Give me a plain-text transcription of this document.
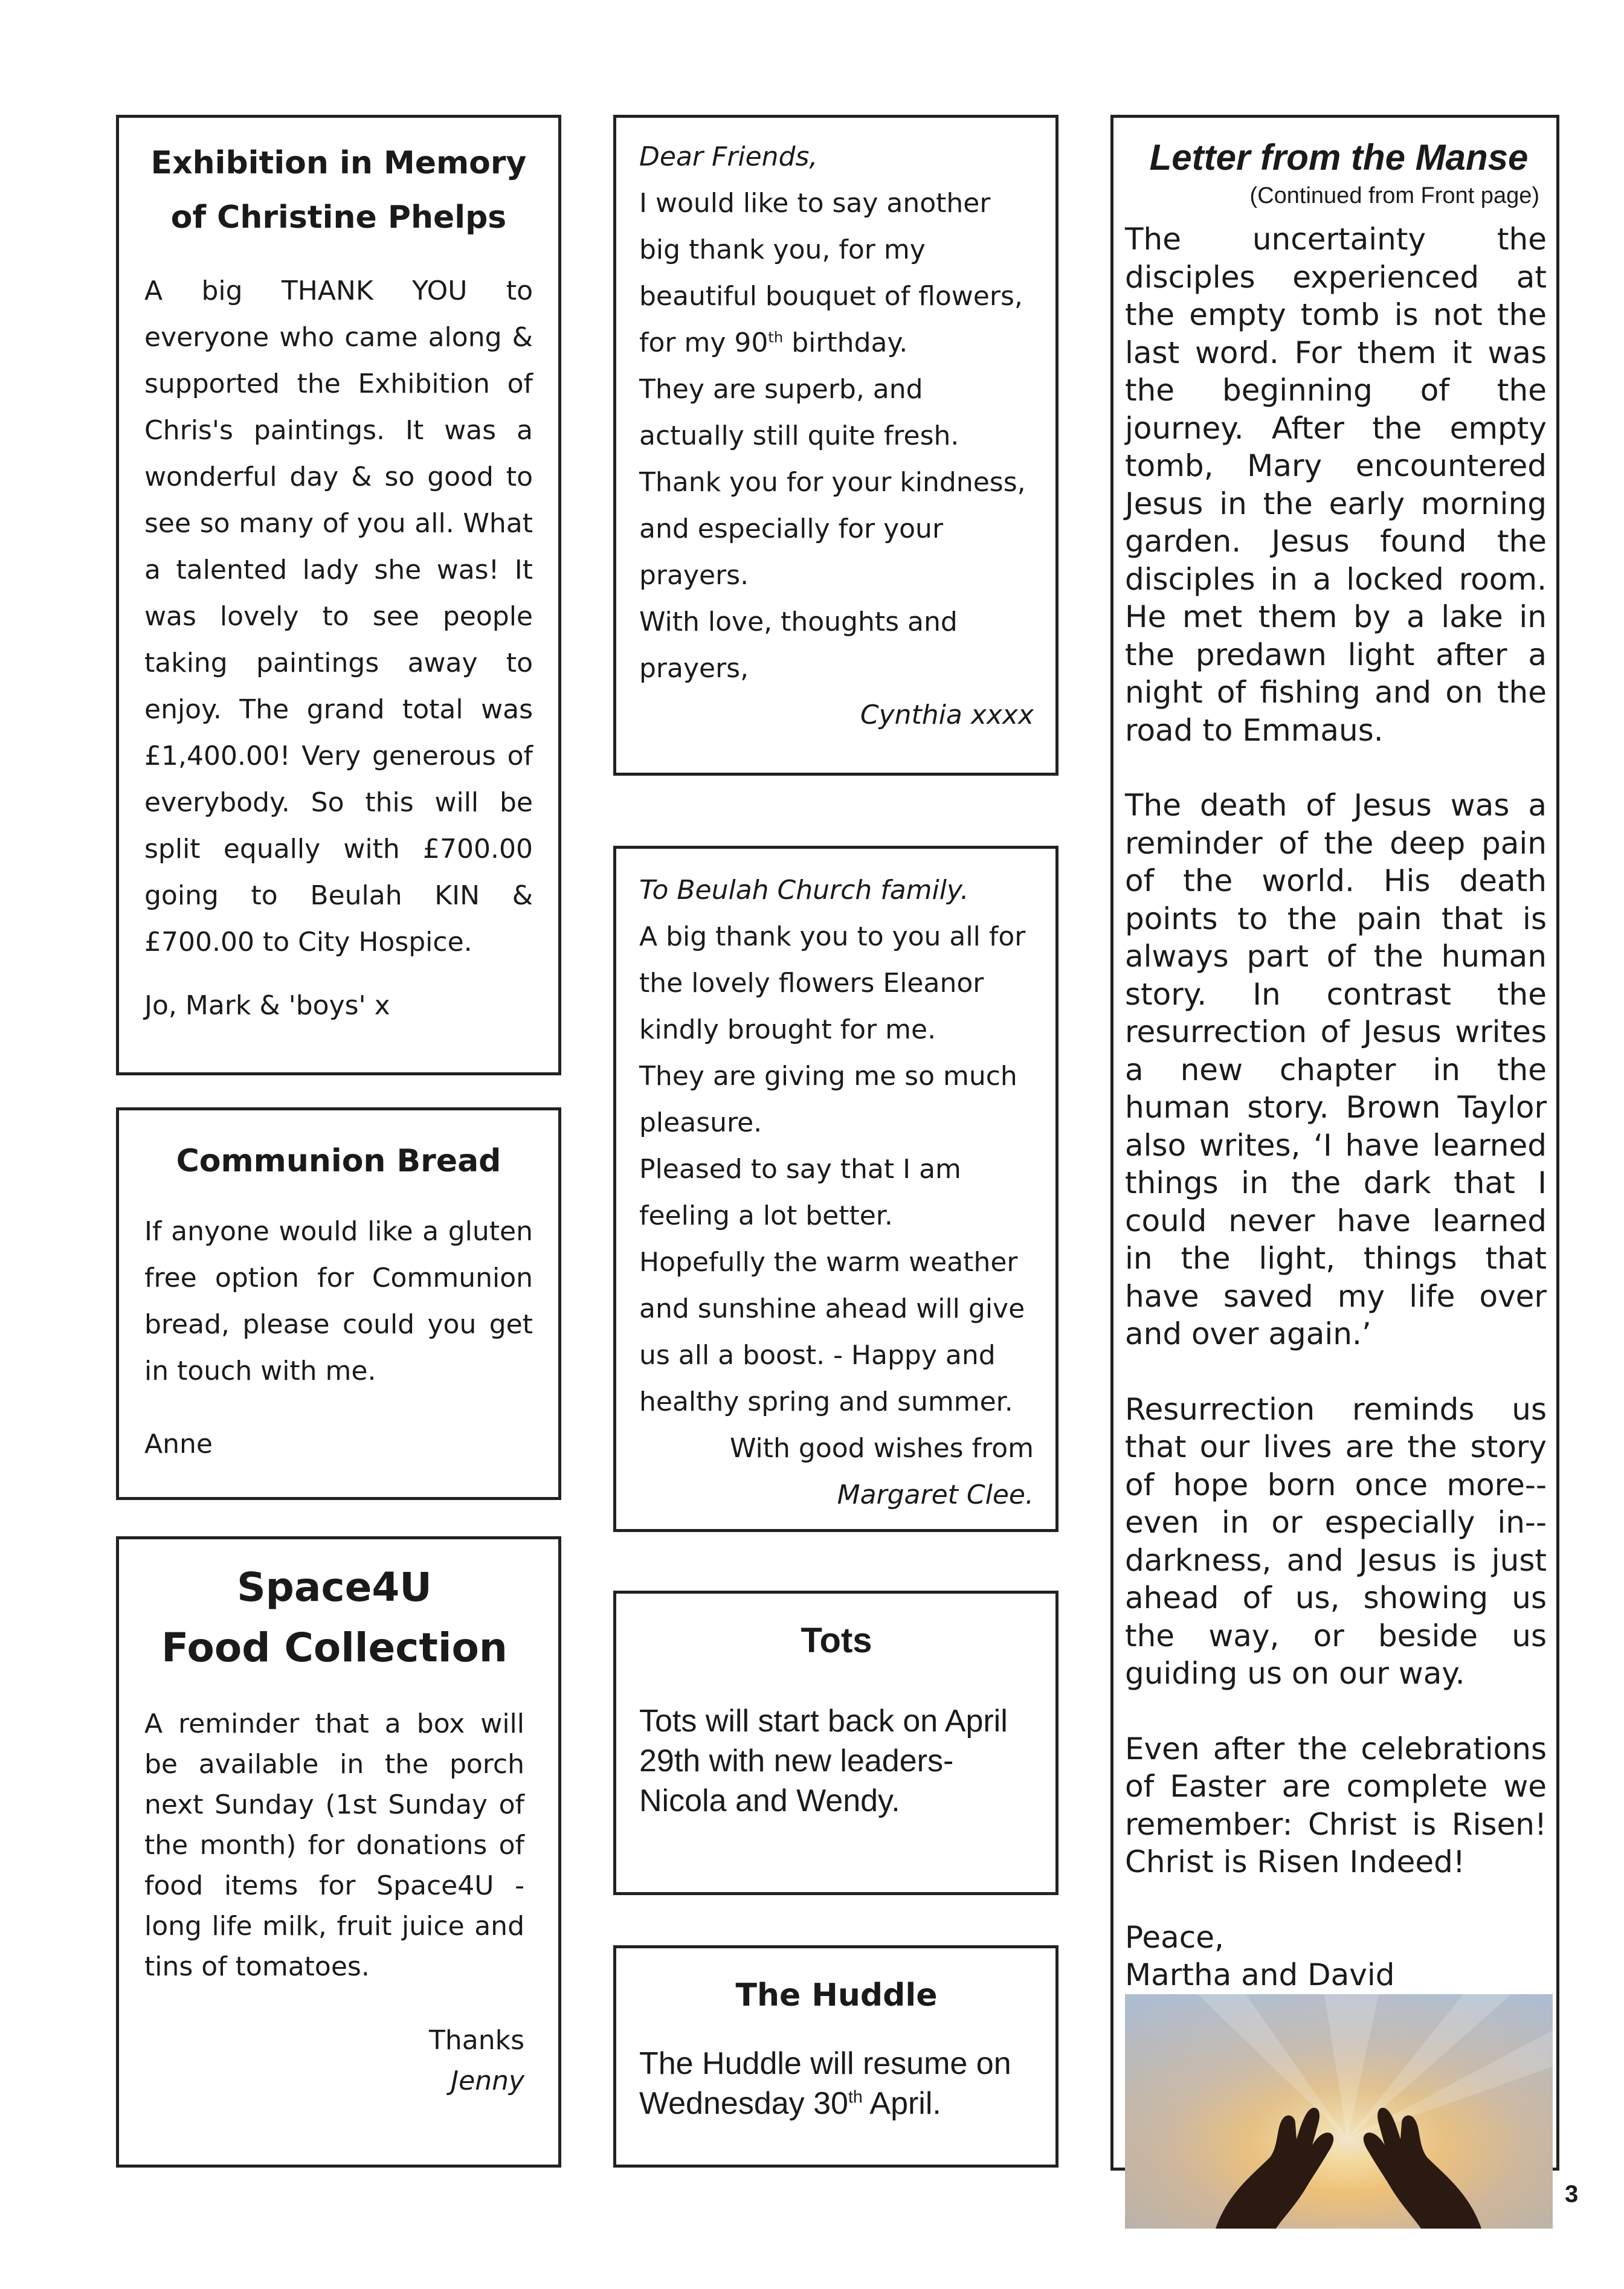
Exhibition in Memory of Christine Phelps

A big THANK YOU to everyone who came along & supported the Exhibition of Chris's paintings. It was a wonderful day & so good to see so many of you all. What a talented lady she was! It was lovely to see people taking paintings away to enjoy. The grand total was £1,400.00! Very generous of everybody. So this will be split equally with £700.00 going to Beulah KIN & £700.00 to City Hospice.

Jo, Mark & 'boys' x

Communion Bread

If anyone would like a gluten free option for Communion bread, please could you get in touch with me.

Anne

Space4U
Food Collection

A reminder that a box will be available in the porch next Sunday (1st Sunday of the month) for donations of food items for Space4U - long life milk, fruit juice and tins of tomatoes.

Thanks
Jenny

Dear Friends,

I would like to say another big thank you, for my beautiful bouquet of flowers, for my 90th birthday.

They are superb, and actually still quite fresh.

Thank you for your kindness, and especially for your prayers.

With love, thoughts and prayers,

Cynthia xxxx

To Beulah Church family.

A big thank you to you all for the lovely flowers Eleanor kindly brought for me.

They are giving me so much pleasure.

Pleased to say that I am feeling a lot better.

Hopefully the warm weather and sunshine ahead will give us all a boost. - Happy and healthy spring and summer.

With good wishes from

Margaret Clee.

Tots

Tots will start back on April 29th with new leaders- Nicola and Wendy.

The Huddle

The Huddle will resume on Wednesday 30th April.

Letter from the Manse
(Continued from Front page)

The uncertainty the disciples experienced at the empty tomb is not the last word. For them it was the beginning of the journey. After the empty tomb, Mary encountered Jesus in the early morning garden. Jesus found the disciples in a locked room. He met them by a lake in the predawn light after a night of fishing and on the road to Emmaus.

The death of Jesus was a reminder of the deep pain of the world. His death points to the pain that is always part of the human story. In contrast the resurrection of Jesus writes a new chapter in the human story. Brown Taylor also writes, ‘I have learned things in the dark that I could never have learned in the light, things that have saved my life over and over again.’

Resurrection reminds us that our lives are the story of hope born once more--even in or especially in--darkness, and Jesus is just ahead of us, showing us the way, or beside us guiding us on our way.

Even after the celebrations of Easter are complete we remember: Christ is Risen! Christ is Risen Indeed!

Peace,

Martha and David

3
